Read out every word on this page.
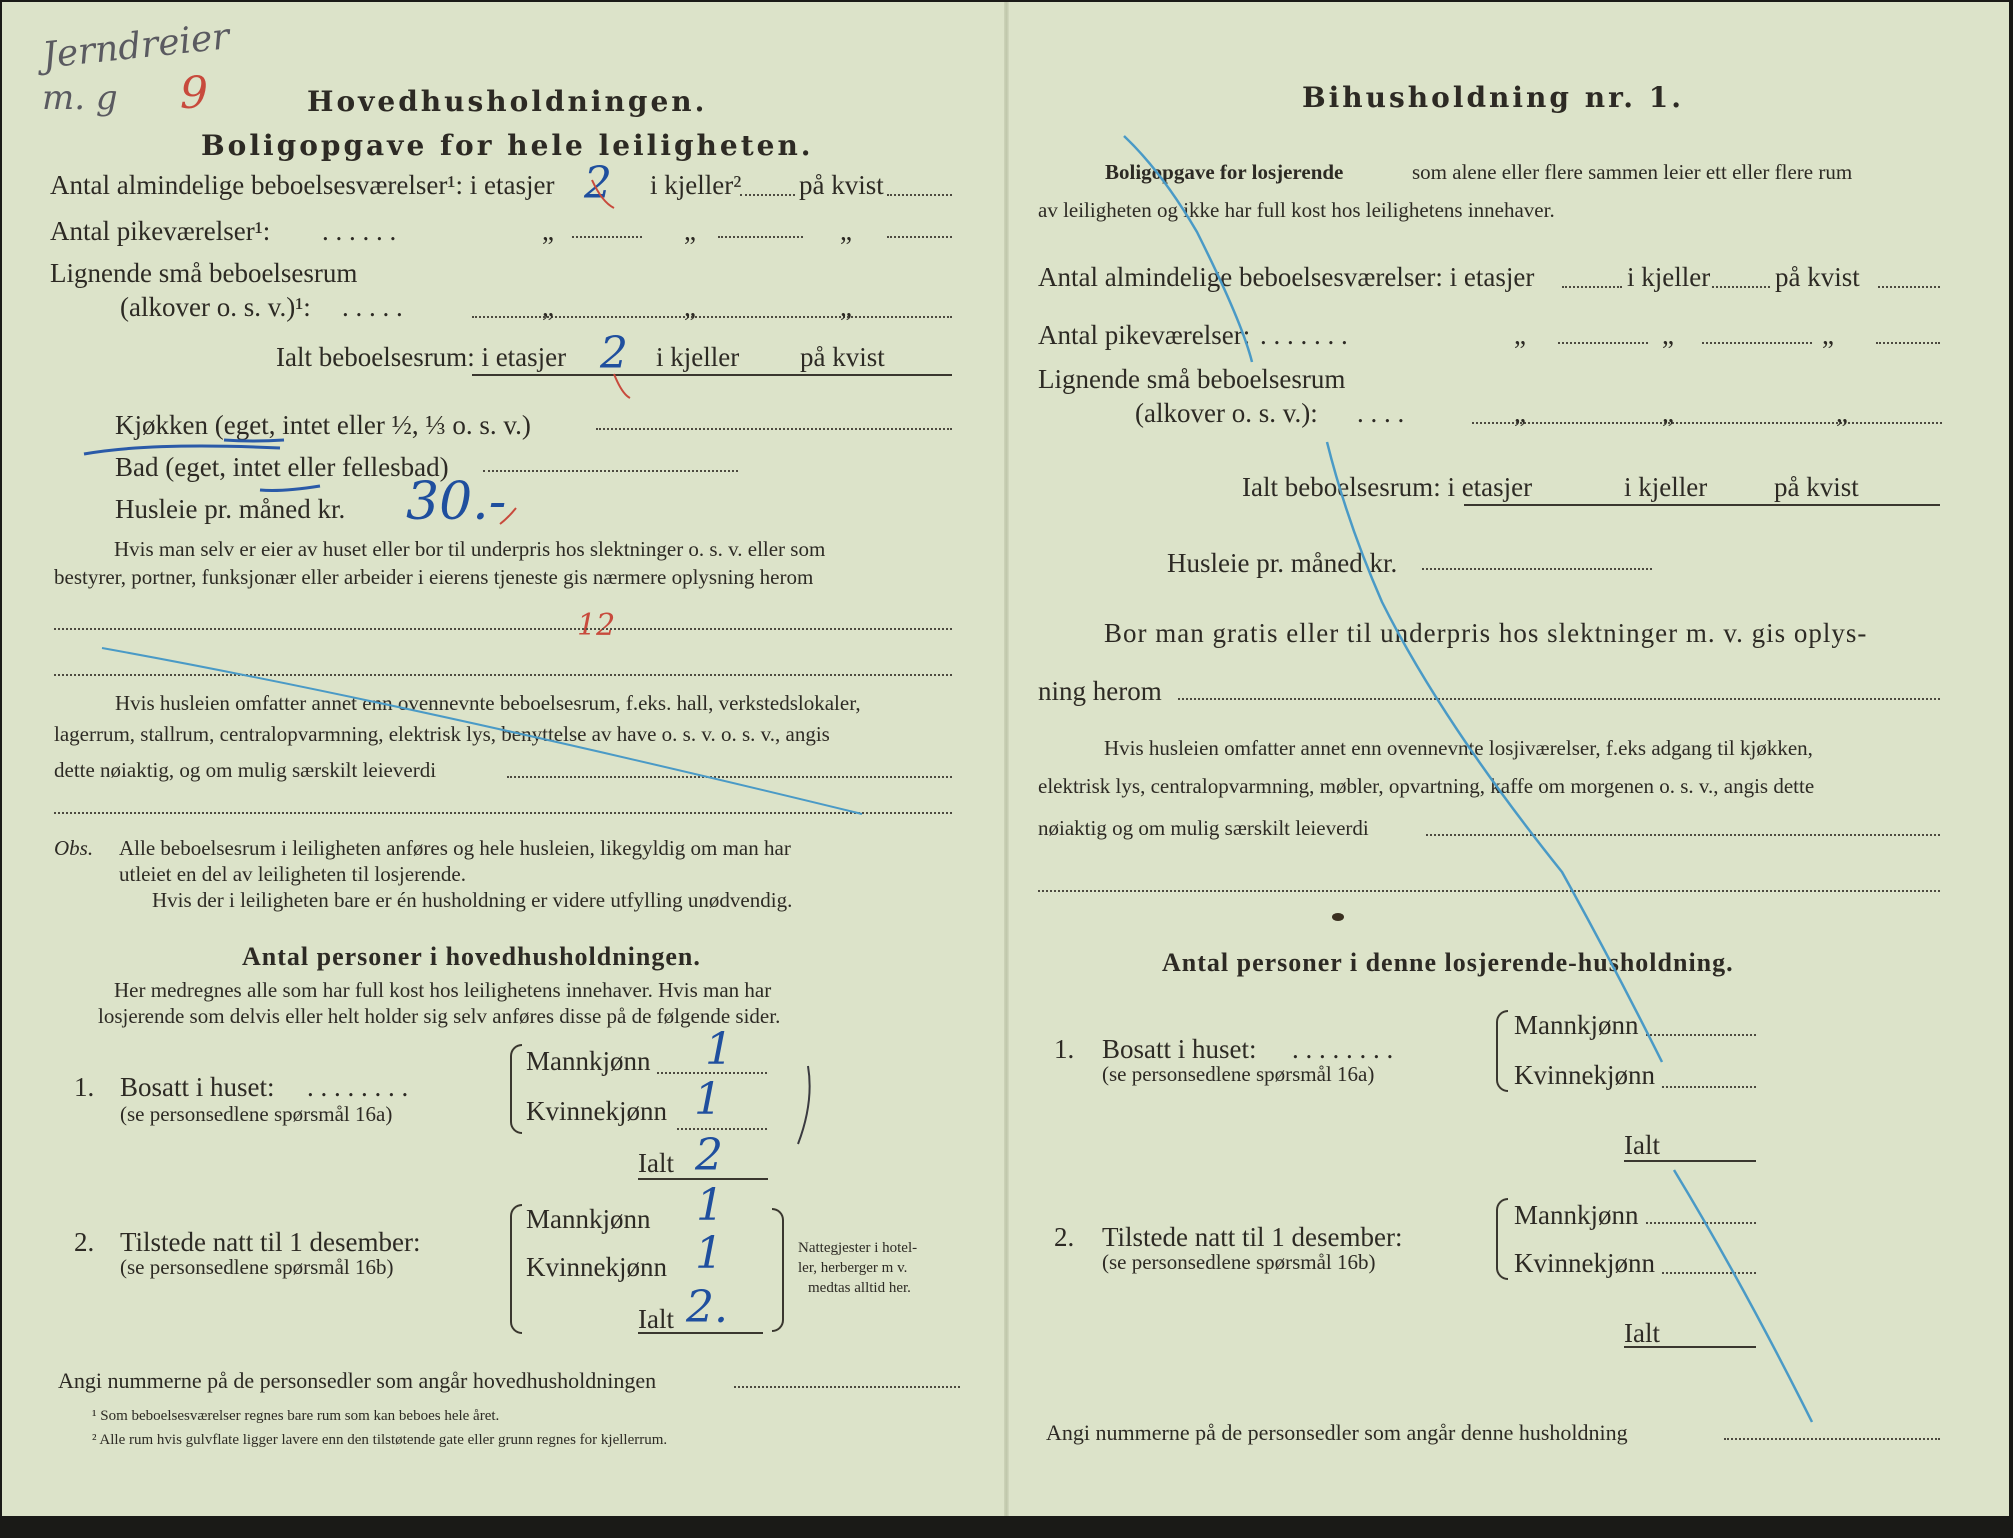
Jerndreier
m. g 9	Hovedhusholdningen.
Boligopgave for hele leiligheten.
Antal almindelige beboelsesværelser¹: i etasjer 2 i kjeller² på kvist
Antal pikeværelser¹: . . . . . .	„	„	„
Lignende små beboelsesrum
(alkover o. s. v.)¹: . . . . .	„	„	„
Ialt beboelsesrum: i etasjer 2 i kjeller på kvist
Kjøkken (eget, intet eller ½, ⅓ o. s. v.)
Bad (eget, intet eller fellesbad)
Husleie pr. måned kr. 30.-
Hvis man selv er eier av huset eller bor til underpris hos slektninger o. s. v. eller som
bestyrer, portner, funksjonær eller arbeider i eierens tjeneste gis nærmere oplysning herom
12
Hvis husleien omfatter annet enn ovennevnte beboelsesrum, f.eks. hall, verkstedslokaler,
lagerrum, stallrum, centralopvarmning, elektrisk lys, benyttelse av have o. s. v. o. s. v., angis
dette nøiaktig, og om mulig særskilt leieverdi
Obs. Alle beboelsesrum i leiligheten anføres og hele husleien, likegyldig om man har
utleiet en del av leiligheten til losjerende.
Hvis der i leiligheten bare er én husholdning er videre utfylling unødvendig.
Antal personer i hovedhusholdningen.
Her medregnes alle som har full kost hos leilighetens innehaver. Hvis man har
losjerende som delvis eller helt holder sig selv anføres disse på de følgende sider.
1. Bosatt i huset: . . . . . . . .
(se personsedlene spørsmål 16a)
Mannkjønn 1
Kvinnekjønn 1
Ialt 2
2. Tilstede natt til 1 desember:
(se personsedlene spørsmål 16b)
Mannkjønn 1
Kvinnekjønn 1
Ialt 2.
Nattegjester i hotel-
ler, herberger m v.
medtas alltid her.
Angi nummerne på de personsedler som angår hovedhusholdningen
¹ Som beboelsesværelser regnes bare rum som kan beboes hele året.
² Alle rum hvis gulvflate ligger lavere enn den tilstøtende gate eller grunn regnes for kjellerrum.
Bihusholdning nr. 1.
Boligopgave for losjerende	som alene eller flere sammen leier ett eller flere rum
av leiligheten og ikke har full kost hos leilighetens innehaver.
Antal almindelige beboelsesværelser: i etasjer	i kjeller på kvist
Antal pikeværelser: . . . . . . .	„	„	„
Lignende små beboelsesrum
(alkover o. s. v.): . . . .	„	„	„
Ialt beboelsesrum: i etasjer	i kjeller på kvist
Husleie pr. måned kr.
Bor man gratis eller til underpris hos slektninger m. v. gis oplys-
ning herom
Hvis husleien omfatter annet enn ovennevnte losjiværelser, f.eks adgang til kjøkken,
elektrisk lys, centralopvarmning, møbler, opvartning, kaffe om morgenen o. s. v., angis dette
nøiaktig og om mulig særskilt leieverdi
Antal personer i denne losjerende-husholdning.
1. Bosatt i huset: . . . . . . . .
(se personsedlene spørsmål 16a)
Mannkjønn
Kvinnekjønn
Ialt
2. Tilstede natt til 1 desember:
(se personsedlene spørsmål 16b)
Mannkjønn
Kvinnekjønn
Ialt
Angi nummerne på de personsedler som angår denne husholdning
